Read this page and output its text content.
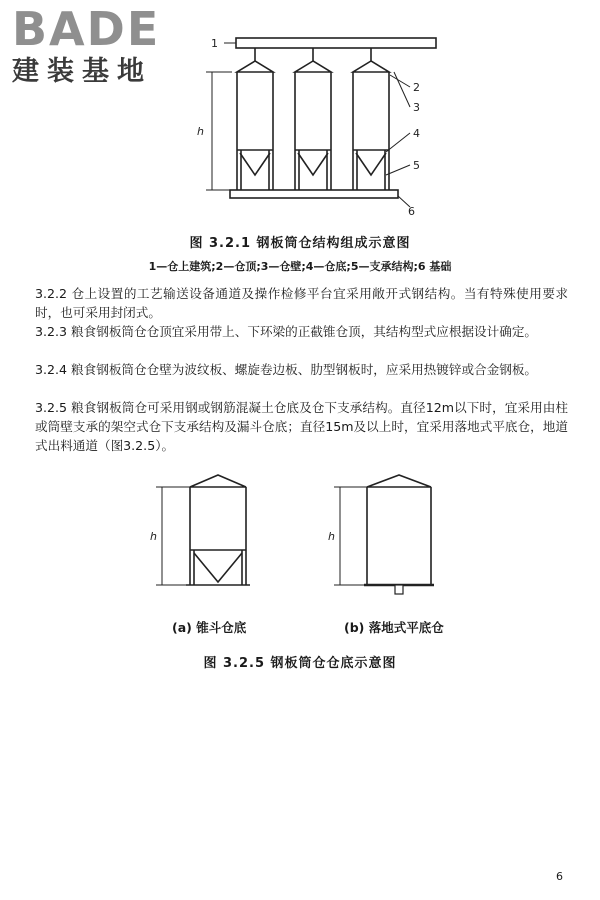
BADE
建装基地
1
2
3
4
5
6
h
图 3.2.1 钢板筒仓结构组成示意图
1—仓上建筑;2—仓顶;3—仓壁;4—仓底;5—支承结构;6 基础
3.2.2 仓上设置的工艺输送设备通道及操作检修平台宜采用敞开式钢结构。当有特殊使用要求时，也可采用封闭式。
3.2.3 粮食钢板筒仓仓顶宜采用带上、下环梁的正截锥仓顶，其结构型式应根据设计确定。
3.2.4 粮食钢板筒仓仓壁为波纹板、螺旋卷边板、肋型钢板时，应采用热镀锌或合金钢板。
3.2.5 粮食钢板筒仓可采用钢或钢筋混凝土仓底及仓下支承结构。直径12m以下时，宜采用由柱或筒壁支承的架空式仓下支承结构及漏斗仓底；直径15m及以上时，宜采用落地式平底仓，地道式出料通道（图3.2.5）。
h	h
(a) 锥斗仓底	(b) 落地式平底仓
图 3.2.5 钢板筒仓仓底示意图
6
